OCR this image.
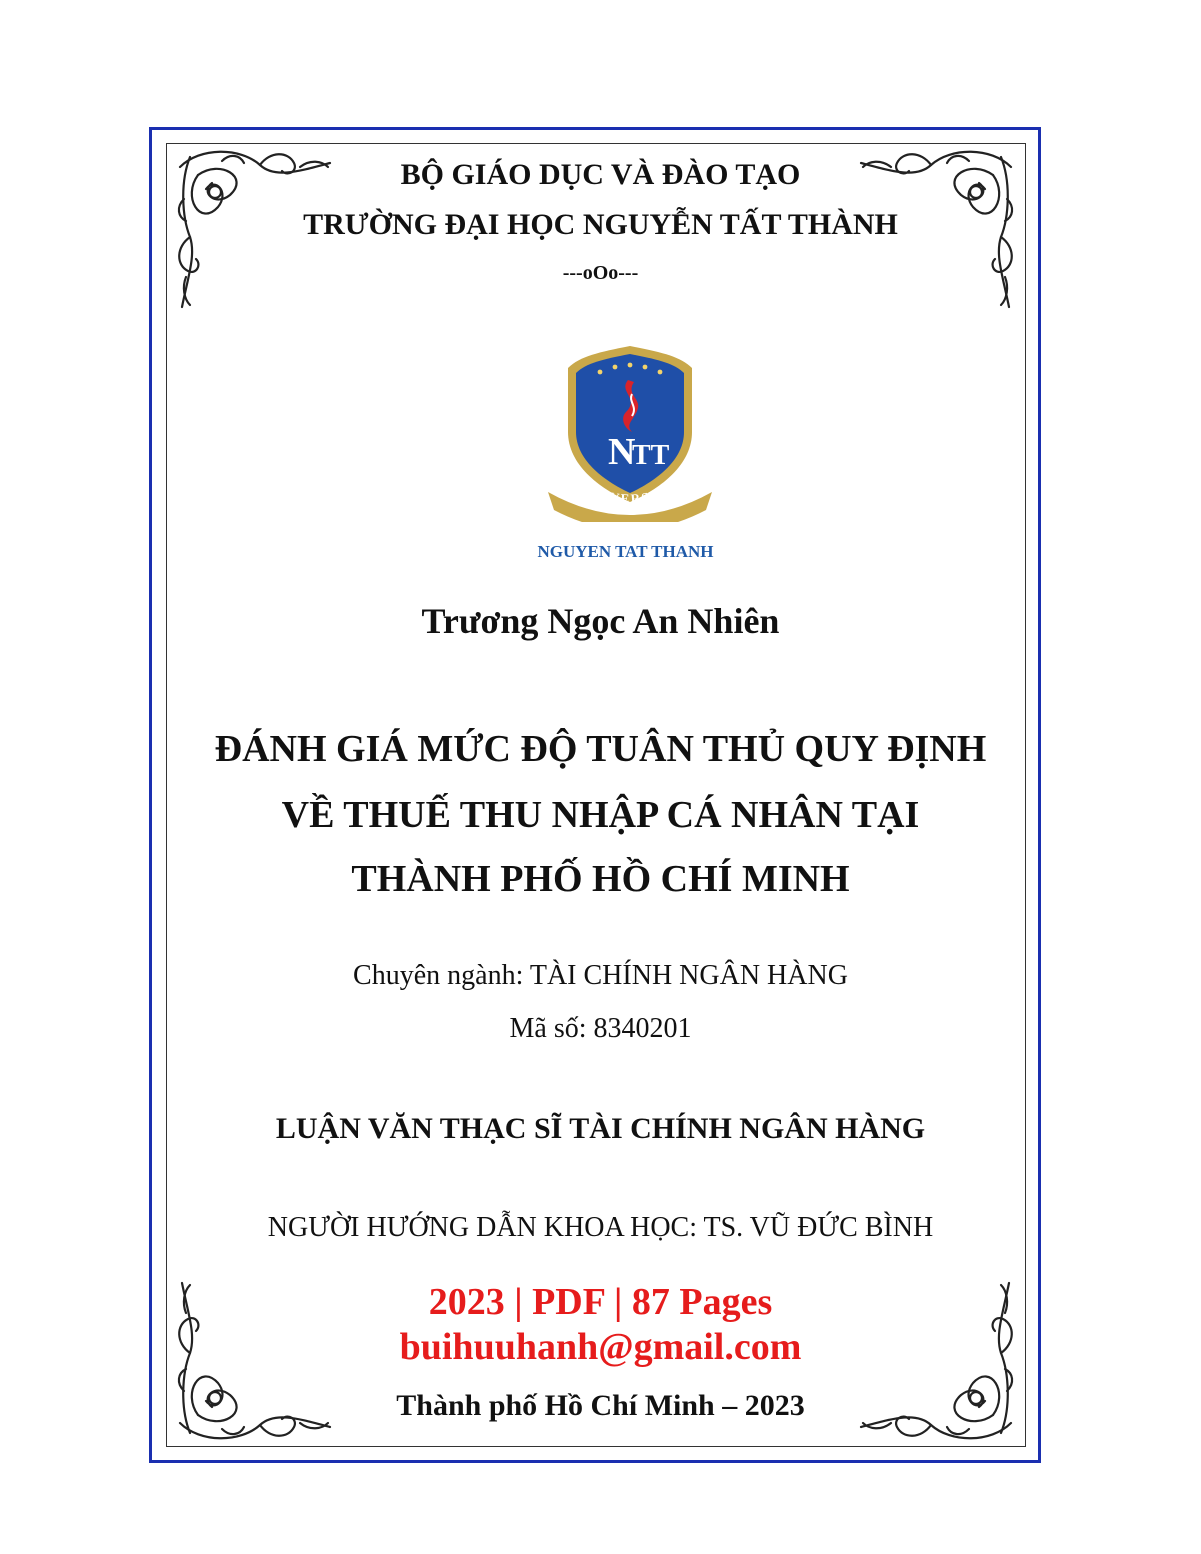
BỘ GIÁO DỤC VÀ ĐÀO TẠO
TRƯỜNG ĐẠI HỌC NGUYỄN TẤT THÀNH
---oOo---
N
TT
UNIVERSITY
NGUYEN TAT THANH
Trương Ngọc An Nhiên
ĐÁNH GIÁ MỨC ĐỘ TUÂN THỦ QUY ĐỊNH
VỀ THUẾ THU NHẬP CÁ NHÂN TẠI
THÀNH PHỐ HỒ CHÍ MINH
Chuyên ngành: TÀI CHÍNH NGÂN HÀNG
Mã số: 8340201
LUẬN VĂN THẠC SĨ TÀI CHÍNH NGÂN HÀNG
NGƯỜI HƯỚNG DẪN KHOA HỌC: TS. VŨ ĐỨC BÌNH
2023 | PDF | 87 Pages
buihuuhanh@gmail.com
Thành phố Hồ Chí Minh – 2023
